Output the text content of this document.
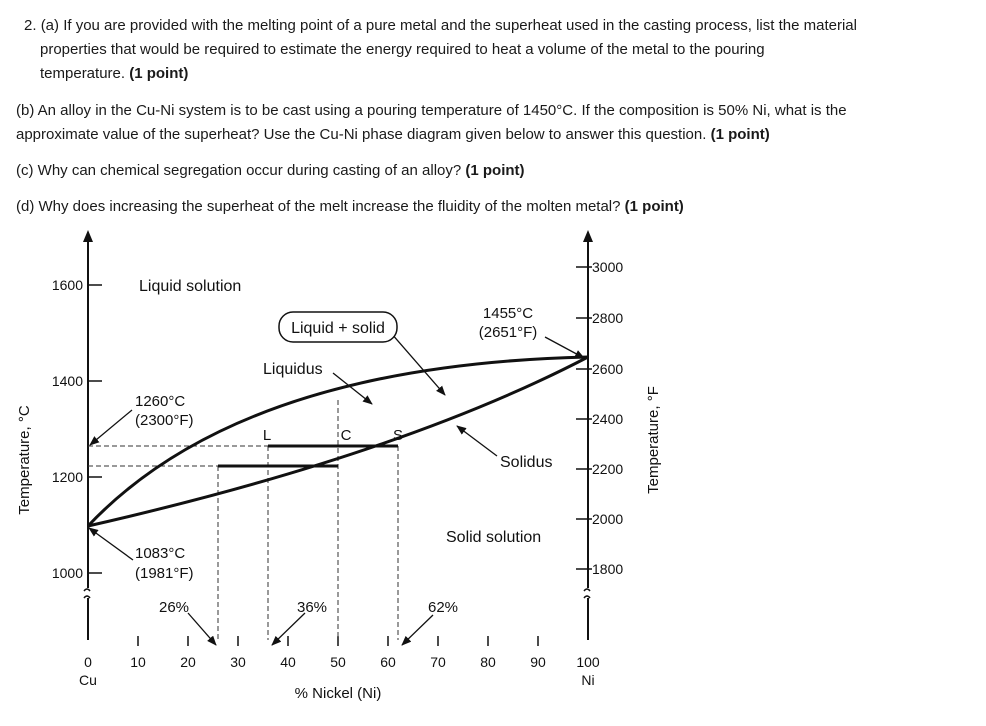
2. (a) If you are provided with the melting point of a pure metal and the superheat used in the casting process, list the material
properties that would be required to estimate the energy required to heat a volume of the metal to the pouring
temperature. (1 point)
(b) An alloy in the Cu-Ni system is to be cast using a pouring temperature of 1450°C. If the composition is 50% Ni, what is the
approximate value of the superheat? Use the Cu-Ni phase diagram given below to answer this question. (1 point)
(c) Why can chemical segregation occur during casting of an alloy? (1 point)
(d) Why does increasing the superheat of the melt increase the fluidity of the molten metal? (1 point)
1600
1400
1200
1000
3000
2800
2600
2400
2200
2000
1800
0	10 20 30 40 50 60 70 80 90 100
Cu	Ni
% Nickel (Ni)
Temperature, °C	Temperature, °F
Liquid solution
Liquid + solid
Liquidus
Solidus
Solid solution
1455°C
(2651°F)
1260°C
(2300°F)
1083°C
(1981°F)
L	C	S
26%	36%	62%
